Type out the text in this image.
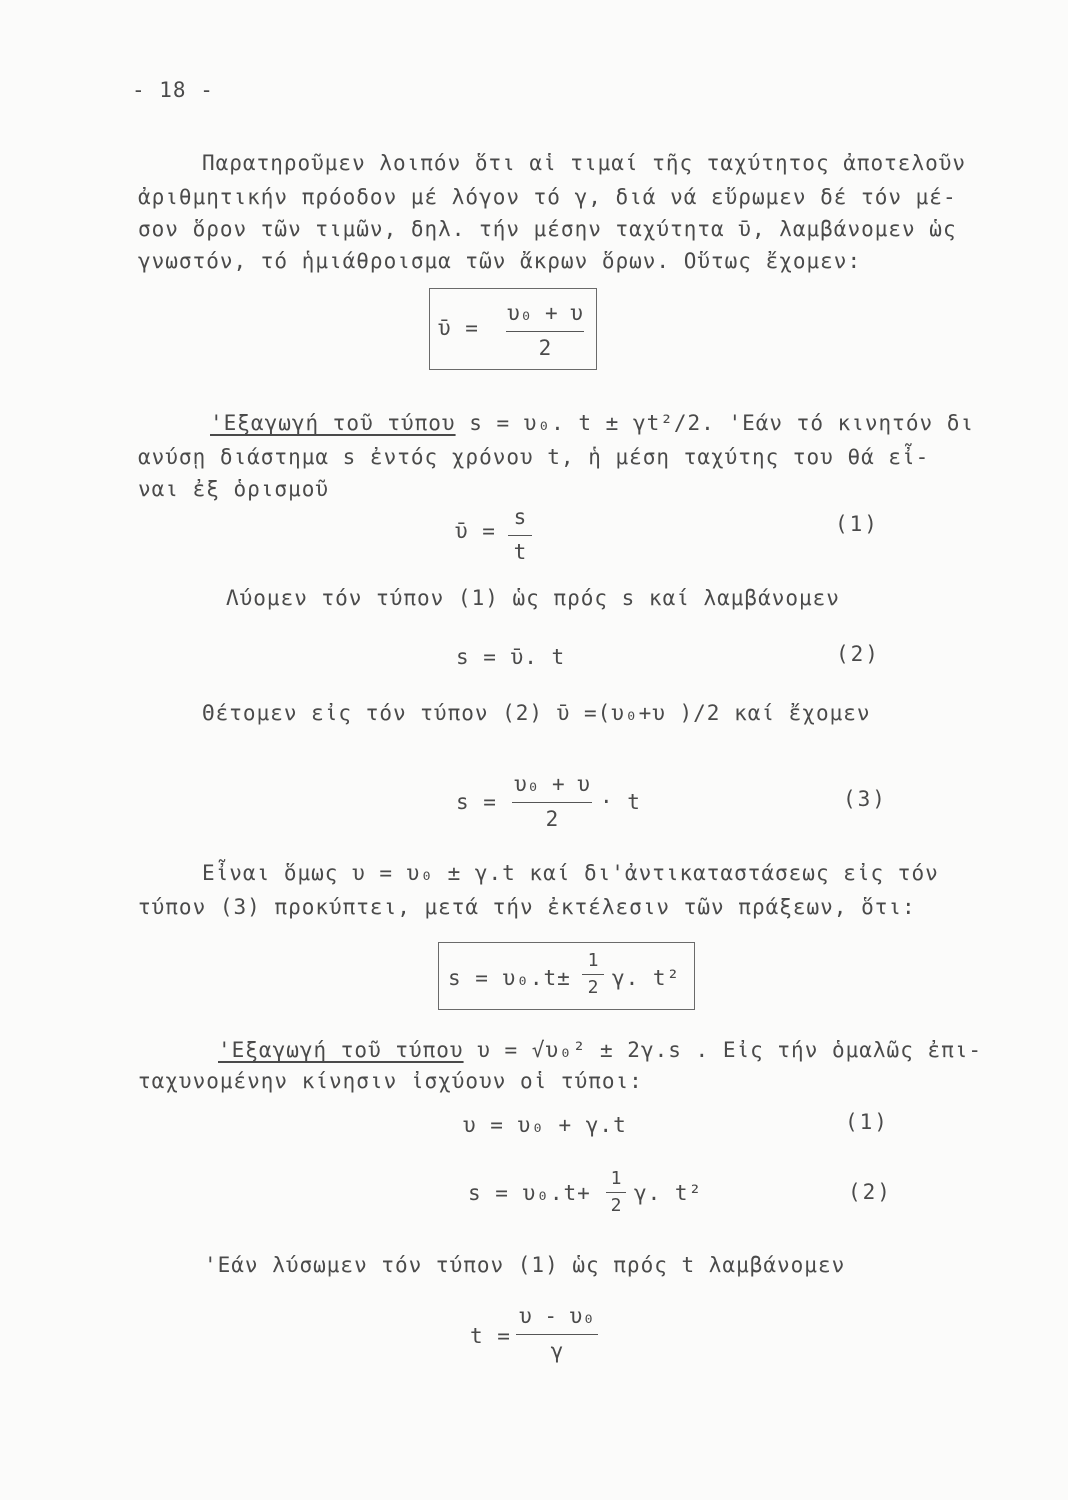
- 18 -
Παρατηροῦμεν λοιπόν ὅτι αἱ τιμαί τῆς ταχύτητος ἀποτελοῦν
ἀριθμητικήν πρόοδον μέ λόγον τό γ, διά νά εὕρωμεν δέ τόν μέ-
σον ὅρον τῶν τιμῶν, δηλ. τήν μέσην ταχύτητα ῡ, λαμβάνομεν ὡς
γνωστόν, τό ἡμιάθροισμα τῶν ἄκρων ὅρων. Οὕτως ἔχομεν:
ῡ =
υ₀ + υ
2
'Εξαγωγή τοῦ τύπου s = υ₀. t ± γt²/2. 'Εάν τό κινητόν δι
ανύσῃ διάστημα s ἐντός χρόνου t, ἡ μέση ταχύτης του θά εἶ-
ναι ἐξ ὁρισμοῦ
ῡ =
s
t
(1)
Λύομεν τόν τύπον (1) ὡς πρός s καί λαμβάνομεν
s = ῡ. t	(2)
Θέτομεν εἰς τόν τύπον (2) ῡ =(υ₀+υ )/2 καί ἔχομεν
s =
υ₀ + υ
2
· t	(3)
Εἶναι ὅμως υ = υ₀ ± γ.t καί δι'ἀντικαταστάσεως εἰς τόν
τύπον (3) προκύπτει, μετά τήν ἐκτέλεσιν τῶν πράξεων, ὅτι:
s = υ₀.t±
1
2 γ. t²
'Εξαγωγή τοῦ τύπου υ = √υ₀² ± 2γ.s . Εἰς τήν ὁμαλῶς ἐπι-
ταχυνομένην κίνησιν ἰσχύουν οἱ τύποι:
υ = υ₀ + γ.t	(1)
s = υ₀.t+
1
2
γ. t²	(2)
'Εάν λύσωμεν τόν τύπον (1) ὡς πρός t λαμβάνομεν
t =
υ - υ₀
γ
